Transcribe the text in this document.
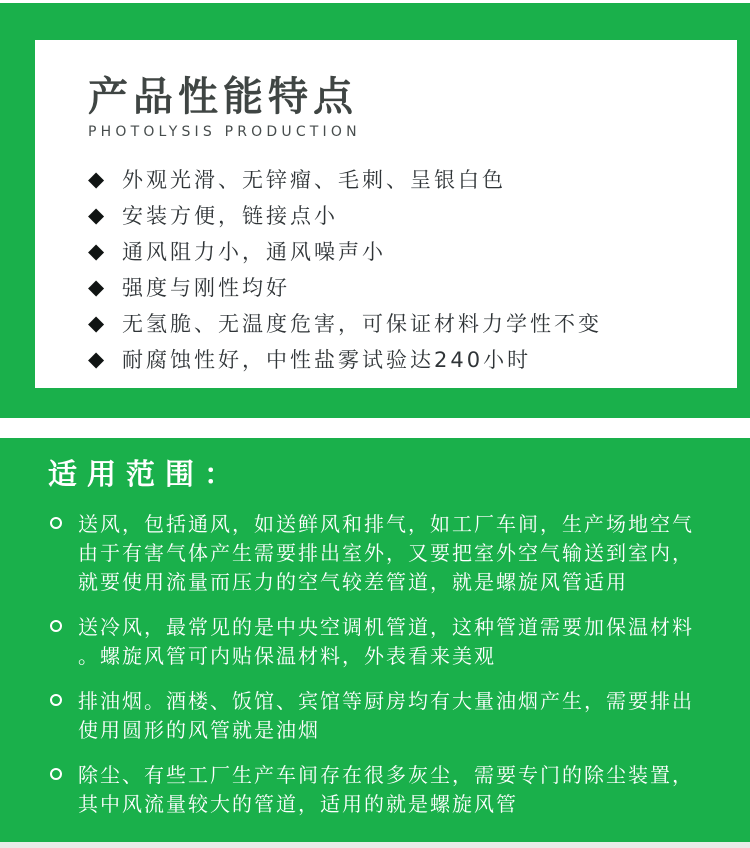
产品性能特点
PHOTOLYSIS PRODUCTION
◆ 外观光滑、无锌瘤、毛刺、呈银白色
◆ 安装方便，链接点小
◆ 通风阻力小，通风噪声小
◆ 强度与刚性均好
◆ 无氢脆、无温度危害，可保证材料力学性不变
◆ 耐腐蚀性好，中性盐雾试验达240小时
适用范围：
送风，包括通风，如送鲜风和排气，如工厂车间，生产场地空气由于有害气体产生需要排出室外，又要把室外空气输送到室内，就要使用流量而压力的空气较差管道，就是螺旋风管适用
送冷风，最常见的是中央空调机管道，这种管道需要加保温材料。螺旋风管可内贴保温材料，外表看来美观
排油烟。酒楼、饭馆、宾馆等厨房均有大量油烟产生，需要排出使用圆形的风管就是油烟
除尘、有些工厂生产车间存在很多灰尘，需要专门的除尘装置，其中风流量较大的管道，适用的就是螺旋风管
